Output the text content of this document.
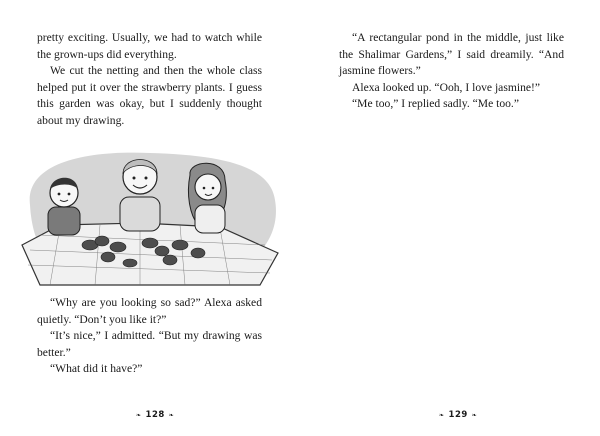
pretty exciting. Usually, we had to watch while the grown-ups did everything.

We cut the netting and then the whole class helped put it over the strawberry plants. I guess this garden was okay, but I suddenly thought about my drawing.

“Why are you looking so sad?” Alexa asked quietly. “Don’t you like it?”

“It’s nice,” I admitted. “But my drawing was better.”

“What did it have?”

❧ 128 ❧

“A rectangular pond in the middle, just like the Shalimar Gardens,” I said dreamily. “And jasmine flowers.”

Alexa looked up. “Ooh, I love jasmine!”

“Me too,” I replied sadly. “Me too.”

❧ 129 ❧
